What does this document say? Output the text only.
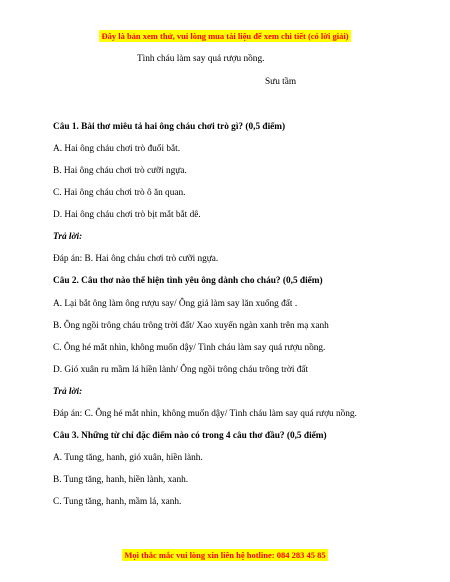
Đây là bản xem thử, vui lòng mua tài liệu để xem chi tiết (có lời giải)
Tình cháu làm say quá rượu nồng.
Sưu tầm
Câu 1. Bài thơ miêu tả hai ông cháu chơi trò gì? (0,5 điểm)
A. Hai ông cháu chơi trò đuổi bắt.
B. Hai ông cháu chơi trò cưỡi ngựa.
C. Hai ông cháu chơi trò ô ăn quan.
D. Hai ông cháu chơi trò bịt mắt bắt dê.
Trả lời:
Đáp án: B. Hai ông cháu chơi trò cưỡi ngựa.
Câu 2. Câu thơ nào thể hiện tình yêu ông dành cho cháu? (0,5 điểm)
A. Lại bắt ông làm ông rượu say/ Ông giả làm say lăn xuống đất .
B. Ông ngồi trông cháu trông trời đất/ Xao xuyến ngàn xanh trên mạ xanh
C. Ông hé mắt nhìn, không muốn dậy/ Tình cháu làm say quá rượu nồng.
D. Gió xuân ru mầm lá hiền lành/ Ông ngồi trông cháu trông trời đất
Trả lời:
Đáp án: C. Ông hé mắt nhìn, không muốn dậy/ Tình cháu làm say quá rượu nồng.
Câu 3. Những từ chỉ đặc điểm nào có trong 4 câu thơ đầu? (0,5 điểm)
A. Tung tăng, hanh, gió xuân, hiền lành.
B. Tung tăng, hanh, hiền lành, xanh.
C. Tung tăng, hanh, mầm lá, xanh.
Mọi thắc mắc vui lòng xin liên hệ hotline: 084 283 45 85
